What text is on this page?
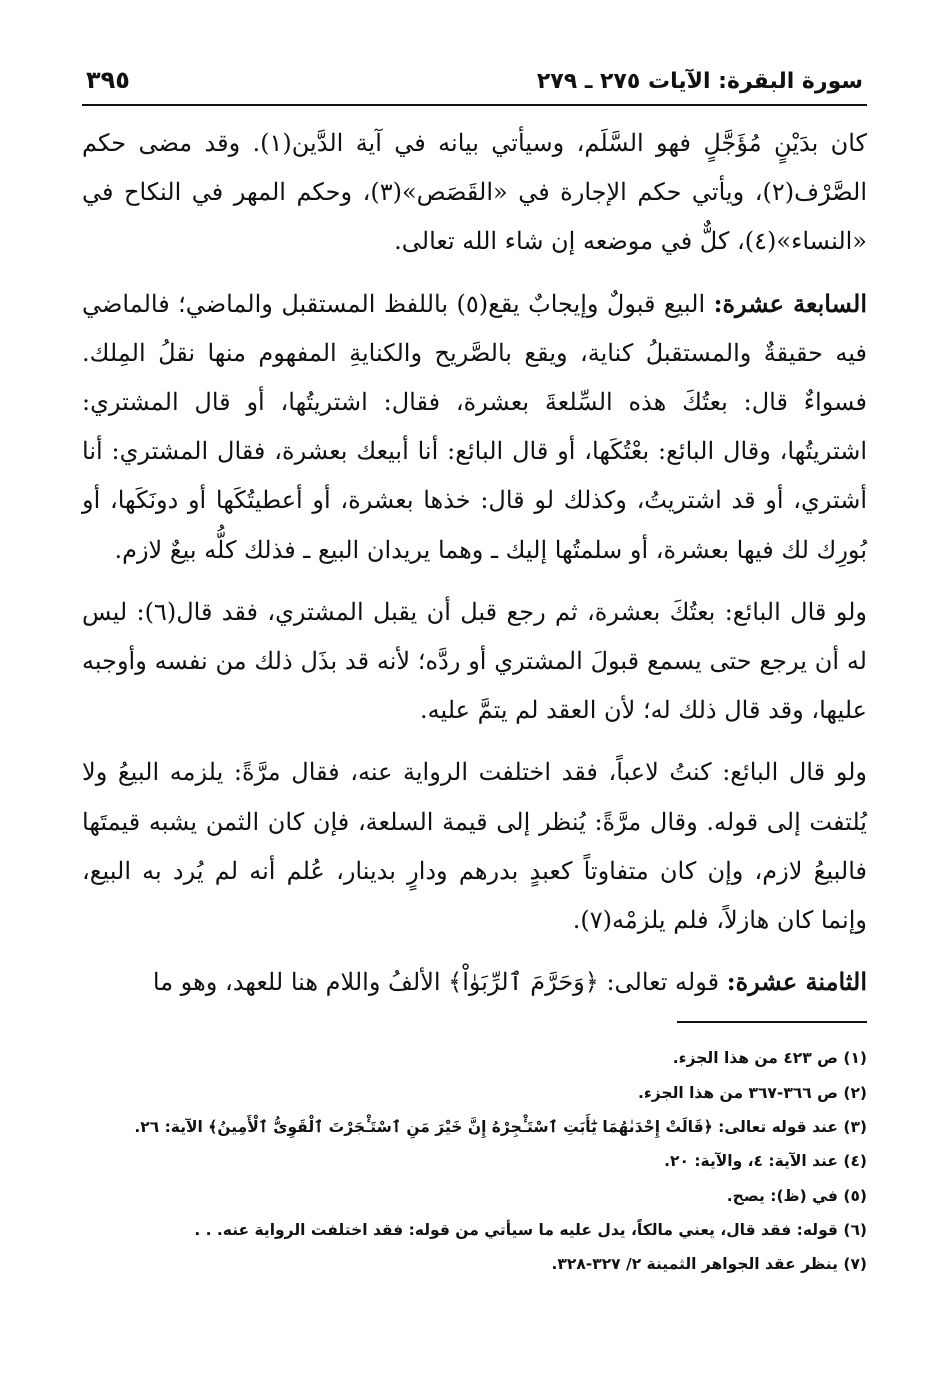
سورة البقرة: الآيات ٢٧٥ ـ ٢٧٩
٣٩٥

كان بدَيْنٍ مُؤَجَّلٍ فهو السَّلَم، وسيأتي بيانه في آية الدَّين(١). وقد مضى حكم الصَّرْف(٢)، ويأتي حكم الإجارة في «القَصَص»(٣)، وحكم المهر في النكاح في «النساء»(٤)، كلٌّ في موضعه إن شاء الله تعالى.

السابعة عشرة: البيع قبولٌ وإيجابٌ يقع(٥) باللفظ المستقبل والماضي؛ فالماضي فيه حقيقةٌ والمستقبلُ كناية، ويقع بالصَّريح والكنايةِ المفهوم منها نقلُ المِلك. فسواءٌ قال: بعتُكَ هذه السِّلعةَ بعشرة، فقال: اشتريتُها، أو قال المشتري: اشتريتُها، وقال البائع: بعْتُكَها، أو قال البائع: أنا أبيعك بعشرة، فقال المشتري: أنا أشتري، أو قد اشتريتُ، وكذلك لو قال: خذها بعشرة، أو أعطيتُكَها أو دونَكَها، أو بُورِك لك فيها بعشرة، أو سلمتُها إليك ـ وهما يريدان البيع ـ فذلك كلُّه بيعٌ لازم.

ولو قال البائع: بعتُكَ بعشرة، ثم رجع قبل أن يقبل المشتري، فقد قال(٦): ليس له أن يرجع حتى يسمع قبولَ المشتري أو ردَّه؛ لأنه قد بذَل ذلك من نفسه وأوجبه عليها، وقد قال ذلك له؛ لأن العقد لم يتمَّ عليه.

ولو قال البائع: كنتُ لاعباً، فقد اختلفت الرواية عنه، فقال مرَّةً: يلزمه البيعُ ولا يُلتفت إلى قوله. وقال مرَّةً: يُنظر إلى قيمة السلعة، فإن كان الثمن يشبه قيمتَها فالبيعُ لازم، وإن كان متفاوتاً كعبدٍ بدرهم ودارٍ بدينار، عُلم أنه لم يُرد به البيع، وإنما كان هازلاً، فلم يلزمْه(٧).

الثامنة عشرة: قوله تعالى: ﴿وَحَرَّمَ ٱلرِّبَوٰاْ﴾ الألفُ واللام هنا للعهد، وهو ما

(١) ص ٤٢٣ من هذا الجزء.
(٢) ص ٣٦٦-٣٦٧ من هذا الجزء.
(٣) عند قوله تعالى: ﴿قَالَتْ إِحْدَىٰهُمَا يَٰٓأَبَتِ ٱسْتَـْٔجِرْهُ إِنَّ خَيْرَ مَنِ ٱسْتَـْٔجَرْتَ ٱلْقَوِىُّ ٱلْأَمِينُ﴾ الآية: ٢٦.
(٤) عند الآية: ٤، والآية: ٢٠.
(٥) في (ظ): يصح.
(٦) قوله: فقد قال، يعني مالكاً، يدل عليه ما سيأتي من قوله: فقد اختلفت الرواية عنه. . .
(٧) ينظر عقد الجواهر الثمينة ٢/ ٣٢٧-٣٢٨.
